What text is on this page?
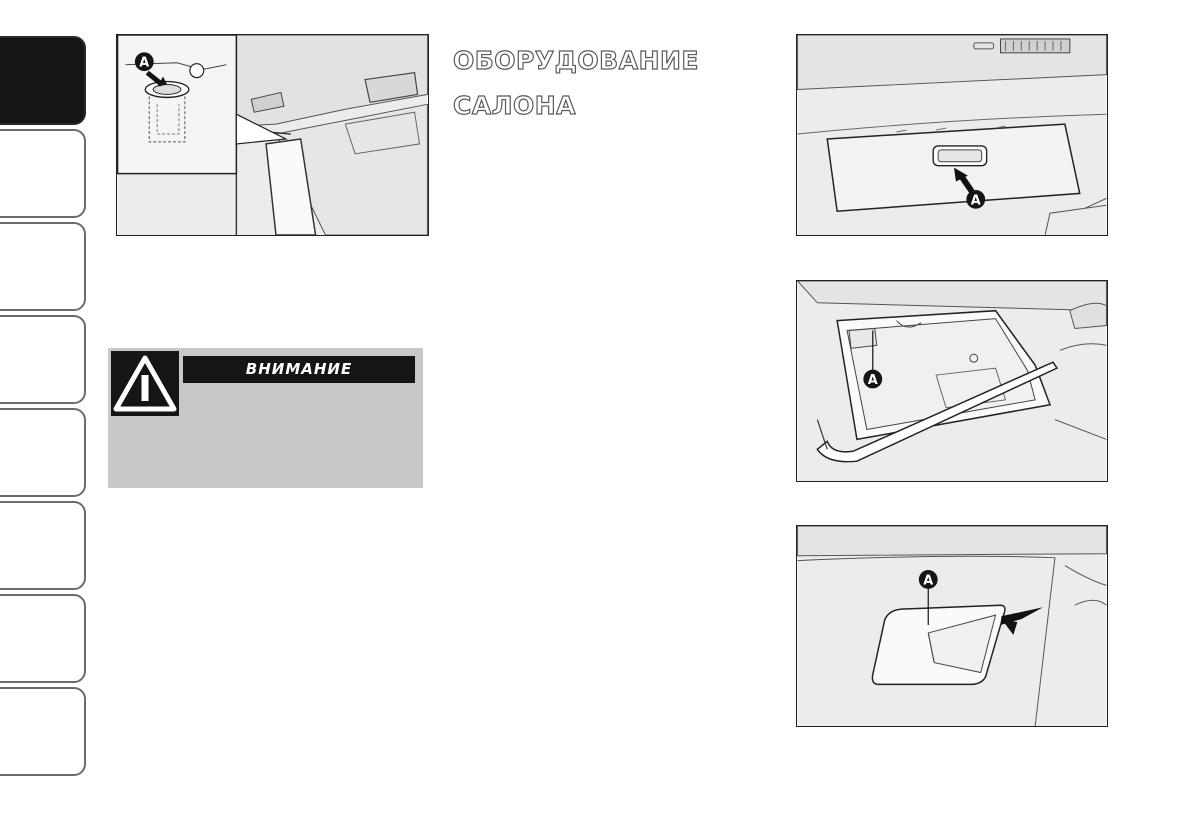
A	ОБОРУДОВАНИЕ
САЛОНА
A
ВНИМАНИЕ
A
A
